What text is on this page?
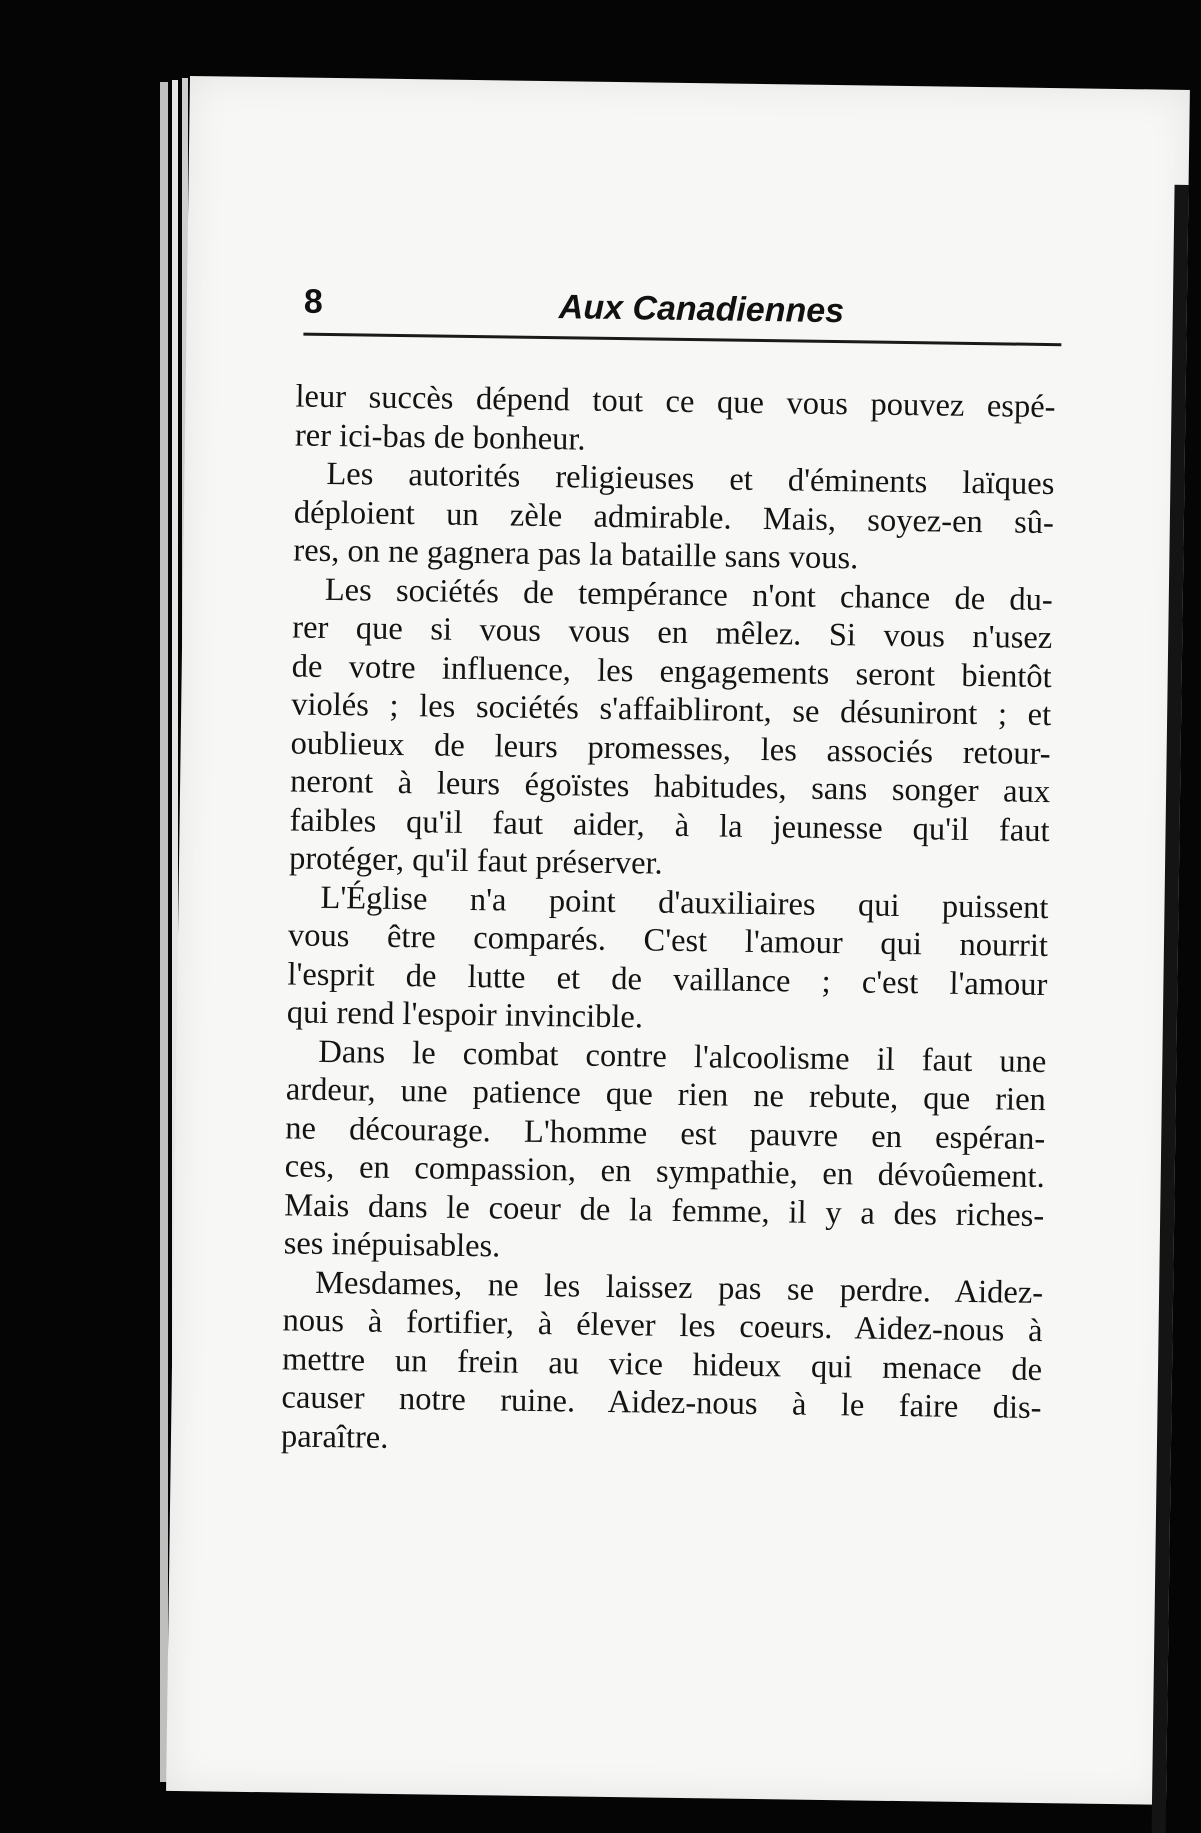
8	Aux Canadiennes
leur succès dépend tout ce que vous pouvez espé-
rer ici-bas de bonheur.
Les autorités religieuses et d'éminents laïques
déploient un zèle admirable. Mais, soyez-en sû-
res, on ne gagnera pas la bataille sans vous.
Les sociétés de tempérance n'ont chance de du-
rer que si vous vous en mêlez. Si vous n'usez
de votre influence, les engagements seront bientôt
violés ; les sociétés s'affaibliront, se désuniront ; et
oublieux de leurs promesses, les associés retour-
neront à leurs égoïstes habitudes, sans songer aux
faibles qu'il faut aider, à la jeunesse qu'il faut
protéger, qu'il faut préserver.
L'Église n'a point d'auxiliaires qui puissent
vous être comparés. C'est l'amour qui nourrit
l'esprit de lutte et de vaillance ; c'est l'amour
qui rend l'espoir invincible.
Dans le combat contre l'alcoolisme il faut une
ardeur, une patience que rien ne rebute, que rien
ne décourage. L'homme est pauvre en espéran-
ces, en compassion, en sympathie, en dévoûement.
Mais dans le coeur de la femme, il y a des riches-
ses inépuisables.
Mesdames, ne les laissez pas se perdre. Aidez-
nous à fortifier, à élever les coeurs. Aidez-nous à
mettre un frein au vice hideux qui menace de
causer notre ruine. Aidez-nous à le faire dis-
paraître.
